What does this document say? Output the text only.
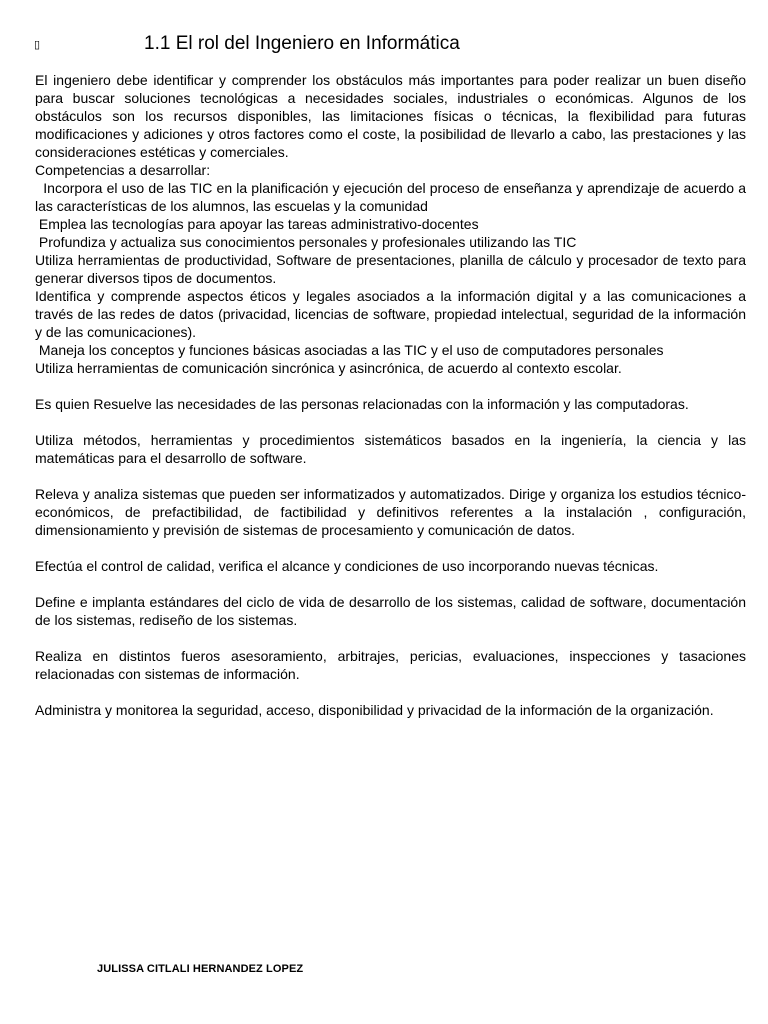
▯	1.1 El rol del Ingeniero en Informática

El ingeniero debe identificar y comprender los obstáculos más importantes para poder realizar un buen diseño para buscar soluciones tecnológicas a necesidades sociales, industriales o económicas. Algunos de los obstáculos son los recursos disponibles, las limitaciones físicas o técnicas, la flexibilidad para futuras modificaciones y adiciones y otros factores como el coste, la posibilidad de llevarlo a cabo, las prestaciones y las consideraciones estéticas y comerciales.

Competencias a desarrollar:

Incorpora el uso de las TIC en la planificación y ejecución del proceso de enseñanza y aprendizaje de acuerdo a las características de los alumnos, las escuelas y la comunidad

Emplea las tecnologías para apoyar las tareas administrativo-docentes

Profundiza y actualiza sus conocimientos personales y profesionales utilizando las TIC

Utiliza herramientas de productividad, Software de presentaciones, planilla de cálculo y procesador de texto para generar diversos tipos de documentos.

Identifica y comprende aspectos éticos y legales asociados a la información digital y a las comunicaciones a través de las redes de datos (privacidad, licencias de software, propiedad intelectual, seguridad de la información y de las comunicaciones).

Maneja los conceptos y funciones básicas asociadas a las TIC y el uso de computadores personales

Utiliza herramientas de comunicación sincrónica y asincrónica, de acuerdo al contexto escolar.

Es quien Resuelve las necesidades de las personas relacionadas con la información y las computadoras.

Utiliza métodos, herramientas y procedimientos sistemáticos basados en la ingeniería, la ciencia y las matemáticas para el desarrollo de software.

Releva y analiza sistemas que pueden ser informatizados y automatizados. Dirige y organiza los estudios técnico-económicos, de prefactibilidad, de factibilidad y definitivos referentes a la instalación , configuración, dimensionamiento y previsión de sistemas de procesamiento y comunicación de datos.

Efectúa el control de calidad, verifica el alcance y condiciones de uso incorporando nuevas técnicas.

Define e implanta estándares del ciclo de vida de desarrollo de los sistemas, calidad de software, documentación de los sistemas, rediseño de los sistemas.

Realiza en distintos fueros asesoramiento, arbitrajes, pericias, evaluaciones, inspecciones y tasaciones relacionadas con sistemas de información.

Administra y monitorea la seguridad, acceso, disponibilidad y privacidad de la información de la organización.

JULISSA CITLALI HERNANDEZ LOPEZ
